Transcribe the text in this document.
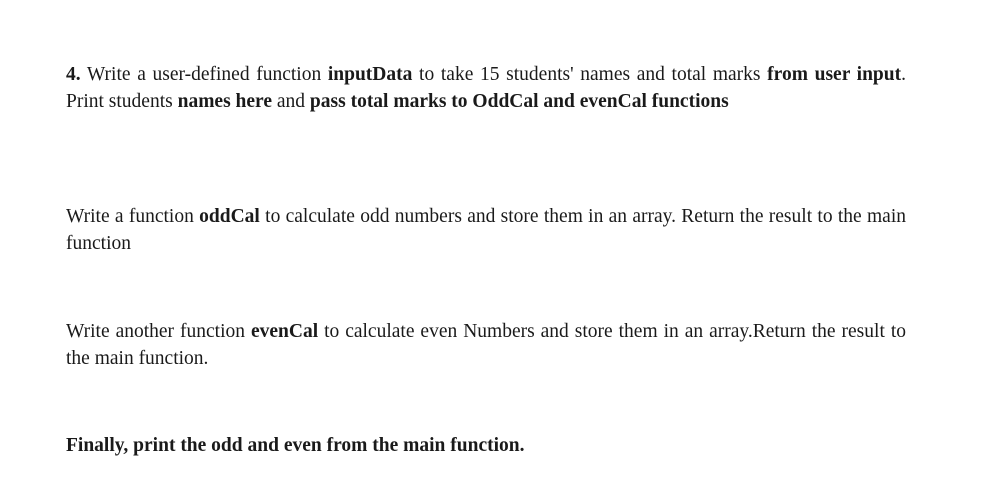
4. Write a user-defined function inputData to take 15 students' names and total marks from user input. Print students names here and pass total marks to OddCal and evenCal functions

Write a function oddCal to calculate odd numbers and store them in an array. Return the result to the main function

Write another function evenCal to calculate even Numbers and store them in an array.Return the result to the main function.

Finally, print the odd and even from the main function.
